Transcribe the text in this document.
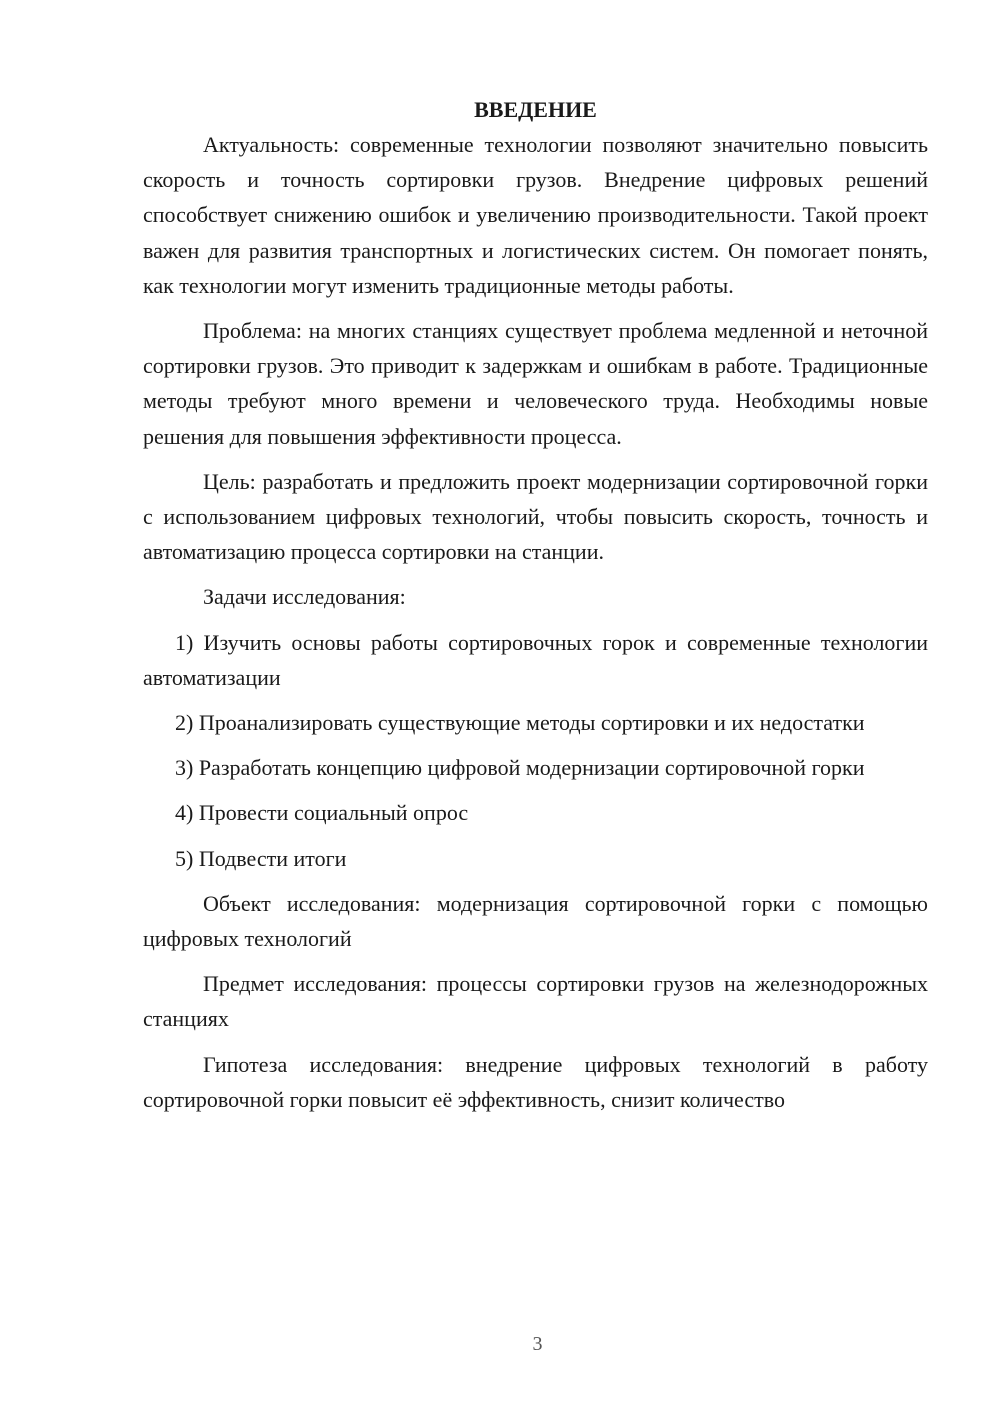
ВВЕДЕНИЕ

Актуальность: современные технологии позволяют значительно повысить скорость и точность сортировки грузов. Внедрение цифровых решений способствует снижению ошибок и увеличению производительности. Такой проект важен для развития транспортных и логистических систем. Он помогает понять, как технологии могут изменить традиционные методы работы.

Проблема: на многих станциях существует проблема медленной и неточной сортировки грузов. Это приводит к задержкам и ошибкам в работе. Традиционные методы требуют много времени и человеческого труда. Необходимы новые решения для повышения эффективности процесса.

Цель: разработать и предложить проект модернизации сортировочной горки с использованием цифровых технологий, чтобы повысить скорость, точность и автоматизацию процесса сортировки на станции.

Задачи исследования:

1) Изучить основы работы сортировочных горок и современные технологии автоматизации

2) Проанализировать существующие методы сортировки и их недостатки

3) Разработать концепцию цифровой модернизации сортировочной горки

4) Провести социальный опрос

5) Подвести итоги

Объект исследования: модернизация сортировочной горки с помощью цифровых технологий

Предмет исследования: процессы сортировки грузов на железнодорожных станциях

Гипотеза исследования: внедрение цифровых технологий в работу сортировочной горки повысит её эффективность, снизит количество

3
